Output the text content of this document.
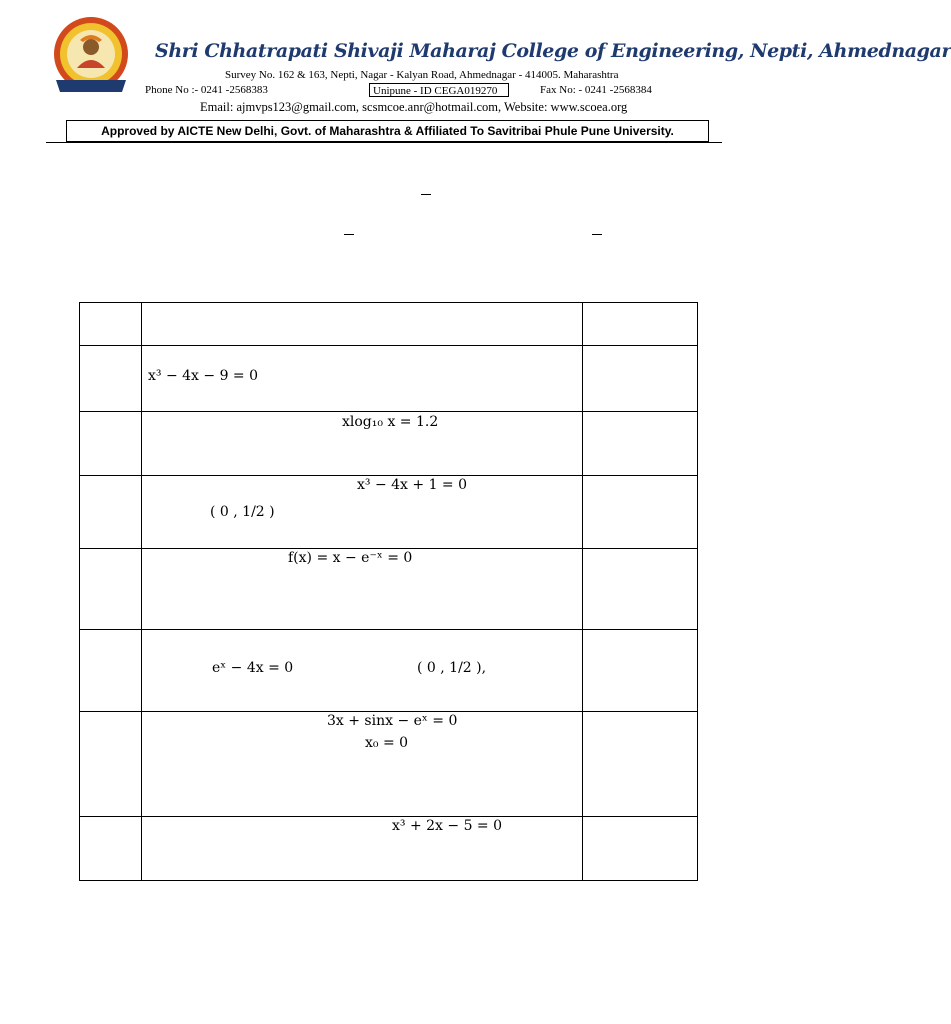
Shri Chhatrapati Shivaji Maharaj College of Engineering, Nepti, Ahmednagar
Survey No. 162 & 163, Nepti, Nagar - Kalyan Road, Ahmednagar - 414005. Maharashtra
Phone No :- 0241 -2568383	Unipune - ID CEGA019270	Fax No: - 0241 -2568384
Email: ajmvps123@gmail.com, scsmcoe.anr@hotmail.com, Website: www.scoea.org
Approved by AICTE New Delhi, Govt. of Maharashtra & Affiliated To Savitribai Phule Pune University.

	x³ − 4x − 9 = 0	

	xlog₁₀ x = 1.2	

	x³ − 4x + 1 = 0
( 0 , 1/2 )	

	f(x) = x − e⁻ˣ = 0	

	eˣ − 4x = 0 ( 0 , 1/2 ),	

	3x + sinx − eˣ = 0
x₀ = 0	

	x³ + 2x − 5 = 0	
